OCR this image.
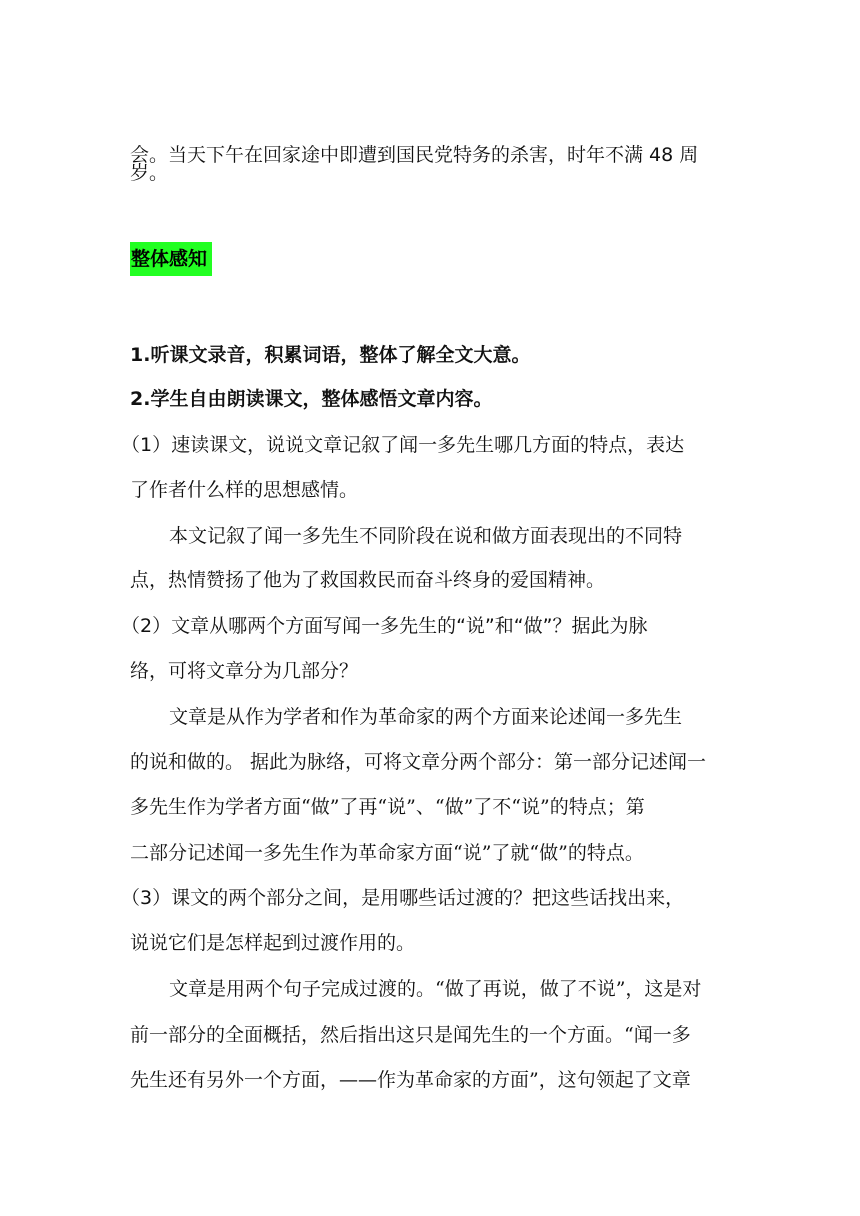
会。当天下午在回家途中即遭到国民党特务的杀害，时年不满 48 周
岁。
整体感知
1.听课文录音，积累词语，整体了解全文大意。
2.学生自由朗读课文，整体感悟文章内容。
（1）速读课文，说说文章记叙了闻一多先生哪几方面的特点，表达
了作者什么样的思想感情。
本文记叙了闻一多先生不同阶段在说和做方面表现出的不同特
点，热情赞扬了他为了救国救民而奋斗终身的爱国精神。
（2）文章从哪两个方面写闻一多先生的“说”和“做”？据此为脉
络，可将文章分为几部分？
文章是从作为学者和作为革命家的两个方面来论述闻一多先生
的说和做的。 据此为脉络，可将文章分两个部分：第一部分记述闻一
多先生作为学者方面“做”了再“说”、“做”了不“说”的特点；第
二部分记述闻一多先生作为革命家方面“说”了就“做”的特点。
（3）课文的两个部分之间，是用哪些话过渡的？把这些话找出来，
说说它们是怎样起到过渡作用的。
文章是用两个句子完成过渡的。“做了再说，做了不说”，这是对
前一部分的全面概括，然后指出这只是闻先生的一个方面。“闻一多
先生还有另外一个方面，——作为革命家的方面”，这句领起了文章
